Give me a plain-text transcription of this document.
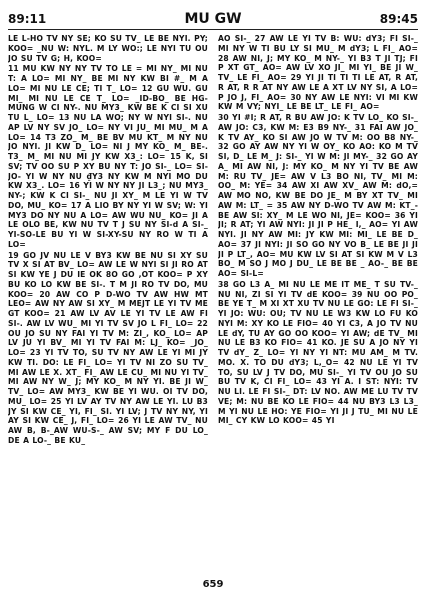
89:11	MU GW	89:45

LE L-HO TV NY SE; KO SU TV_ LE BE NYI. PY; KOO= _NU W: NYL. M LY WO:; LE NYI TU OU JO SU TV G; H, KOO=

11 MU KW NY NY TV TO LE = MI NY_ MI NU T: A LO= MI NY_ BE MI NY KW BI #_ M A LO= MI NU LE CE; TI T_ LO= 12 GU WU. GU MI_ MI NU LE CE T_ LO= _ID-BO_ BE HG-MUNG W CI NY-. NU MY3_ KW BE K CI SI XU TU L_ LO= 13 NU LA WO; NY W NYI SI-. NU AP LV NY SV JO_ LO= NY VI JU_ MI MU_ M A LO= 14 T3 ZO_ M_ BE BV MU KT_ M NY NU JO NYI. JI KW D_ LO= NI J MY KO_ M_ BE-. T3_ M_ MI NU MI JY KW X3_: LO= 15 K, SI SV; TV OO SU P XY BU NY T: JO SI-_ LO= SI-JO- YI W NY NU ₫Y3 NY KW M NYI MO DU KW X3_. LO= 16 YI W NY NY JI L3_; NU MY3_ NY-; KW K CI SI-_ NU JI XY_ M LE YI W TV DO, MU_ KO= 17 A LIO BY NY YI W SV; W: YI MY3 DO NY NU A LO= AW WU NU_ KO= JI A LE OLO BE, KW NU TV T J SU NY SI-d A SI-_ YI-SO-LE BU YI W SI-XY-SU NY RO W TI A LO=

19 GO JV NU LE V BY3 KW BE NU SI XY SU TV X SI AT BV_ LO= AW LE W NYI SI JI RO AT SI KW YE J DU IE OK 8O GO ,OT KOO= P XY BU KO LO KW BE SI-. T M JI RO TV DO, MU KOO= 20 AW CO P D-WO TV AW HW MT LEO= AW NY AW SI XY_ M MEJT LE YI TV ME GT KOO= 21 AW LV AV LE YI TV LE AW FI SI-. AW LV WU_ MI YI TV SV JO L FI_ LO= 22 OU JO SU NY FAI YI TV M: ZI_, KO_ LO= AP LV JU YI BV_ MI YI TV FAI M: LJ_ KO= _JO_ LO= 23 YI TV TO, SU TV NY AW LE YI MI JY KW TI. DO: LE FI_ LO= YI TV NI ZO SU TV_ MI AW LE X. XT_ FI_ AW LE CU_ MI NU YI TV_ MI AW NY W_ J; MY KO_ M NY YI. BE JI W_ TV_ LO= AW MY3_ KW BE YI WU. OI TV DO, MU_ LO= 25 YI LV AY TV NY AW LE YI. LU B3 JY SI KW CE_ YI, FI_ SI. YI LV; J TV NY NY, YI AY SI KW CE_ J, FI_ LO= 26 YI LE AW TV_ NU AW B, B-_AW WU-S-_ AW SV; MY F DU LO_ DE A LO-_ BE KU_

AO SI-_ 27 AW LE YI TV B: WU: dY3; FI SI-_ MI NY W TI BU LY SI MU_ M dY3; L FI_ AO= 28 AW NI, J; MY KO_ M NY-_ YI B3 T JI TJ; FI P XT GT_ AO= AW LV XO JI_ MI YI_ BE JI W_ TV_ LE FI_ AO= 29 YI JI TI TI TI LE AT, R AT, R AT, R R AT NY AW LE A XT LV NY SI, A LO= P JO J, FI_ AO= 30 NY AW LE NYI: VI MI KW KW M VY; NYI_ LE BE LT_ LE FI_ AO=

30 YI #I; R AT, R BU AW JO: K TV LO_ KO SI-_ AW JO: C3, KW M: E3 B9 NY-_ 31 FAI AW JO_ K TV AY_ KO SI AW JO W TV M: OO B8 NY-_ 32 GO AY AW NY YI W OY_ KO AO: KO M TV SI, D_ LE M_ J: SI-_ YI W M: JI MY-_ 32 GO AY A_ MI AW NI, J: MY KO_ M NY YI TV BE AW M: RU TV_ JE= AW V L3 BO NI, TV_ MI M: OO_ M: YE= 34 AW XI AW XV_ AW M: dO,= AW MO NO, KW BE DO JE_ M BY XT TV_ MI AW M: LT_ = 35 AW NY D-WO TV AW M: KT_- BE AW SI: XY_ M LE WO NI, JE= KOO= 36 YI JI; R AT; YI AW NYI: JI JI P HE_ I,_ AO= YI AW NYI. JI NY AW MI: JY KW MI: MI_ LE BE D_ AO= 37 JI NYI: JI SO GO NY VO B_ LE BE JI JI JI P LT_, AO= MU KW LV SI AT SI KW M V L3 BO_ M SO J MO J DU_ LE BE BE _ AO-_ BE BE AO= SI-L=

38 GO L3 A_ MI NU LE ME IT ME_ T SU TV-_ NU NI, ZI SI YI TV dE KOO= 39 NU OO PO_ BE YE T_ M XI XT XU TV NU LE GO: LE FI SI-_ YI JO: WU: OU; TV NU LE W3 KW LO FU KO NYI M: XY KO LE FIO= 40 YI C3, A JO TV NU LE dY, TU AY GO OO KOO= YI AW; dE TV_ MI NU LE B3 KO FIO= 41 KO. JE SU A JO NY YI TV dY_ Z_ LO= YI NY YI NT: MU AM_ M TV. MO. X. TO DU dY3; L,_O= 42 NU LE YI TV TO, SU LV J TV DO, MU SI-_ YI TV OU JO SU BU TV K, CI FI_ LO= 43 YI A. I ST: NYI: TV NU LI. LE FI SI-_ DT: LV NO. AW ME LU TV TV VE; M: NU BE KO LE FIO= 44 NU BY3 L3 L3_ M YI NU LE HO: YE FIO= YI JI J TU_ MI NU LE MI_ CY KW LO KOO= 45 YI

659
